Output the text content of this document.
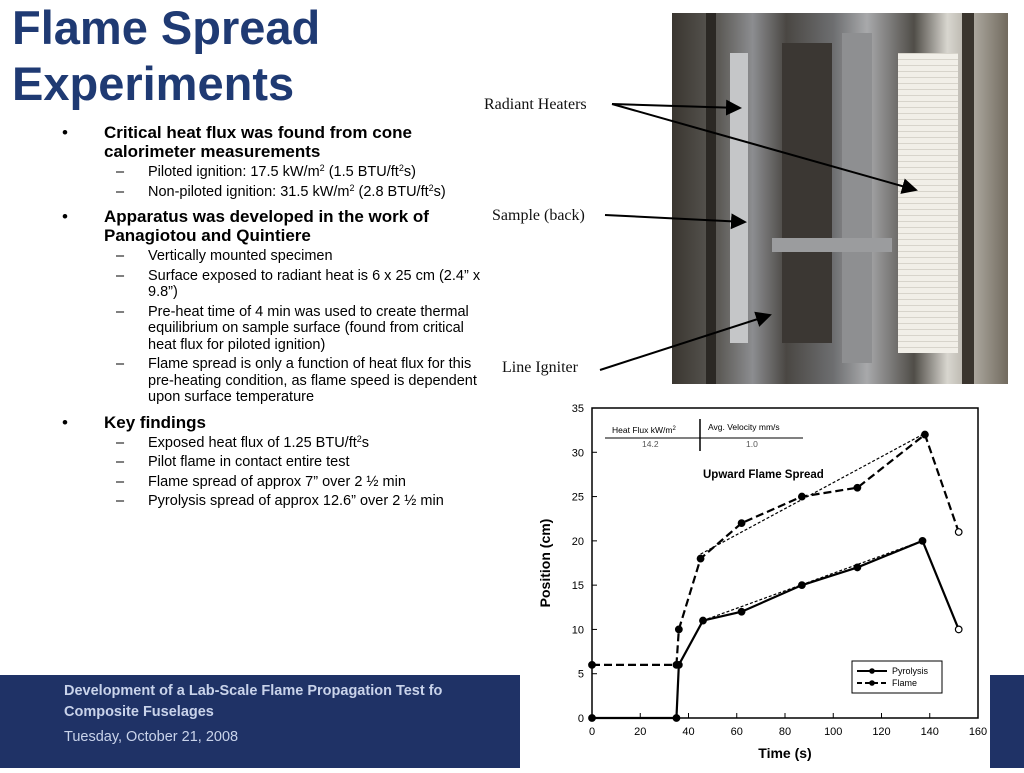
Flame Spread
Experiments
• Critical heat flux was found from cone calorimeter measurements
– Piloted ignition: 17.5 $kW/m^2$ (1.5 BTU/$ft^2s$)
– Non-piloted ignition: 31.5 $kW/m^2$ (2.8 BTU/$ft^2s$)
• Apparatus was developed in the work of Panagiotou and Quintiere
– Vertically mounted specimen
– Surface exposed to radiant heat is 6 x 25 cm (2.4” x 9.8”)
– Pre-heat time of 4 min was used to create thermal equilibrium on sample surface (found from critical heat flux for piloted ignition)
– Flame spread is only a function of heat flux for this pre-heating condition, as flame speed is dependent upon surface temperature
• Key findings
– Exposed heat flux of 1.25 BTU/$ft^2s$
– Pilot flame in contact entire test
– Flame spread of approx 7” over 2 ½ min
– Pyrolysis spread of approx 12.6” over 2 ½ min
Radiant Heaters
Sample (back)
Line Igniter
Development of a Lab-Scale Flame Propagation Test fo
Composite Fuselages
Tuesday, October 21, 2008
0
5
10
15
20
25
30
35
0	20	40	60	80	100	120	140	160
Upward Flame Spread
Time (s)
Position (cm)
Heat Flux $kW/m^2$	Avg. Velocity mm/s
14.2	1.0
Pyrolysis
Flame
